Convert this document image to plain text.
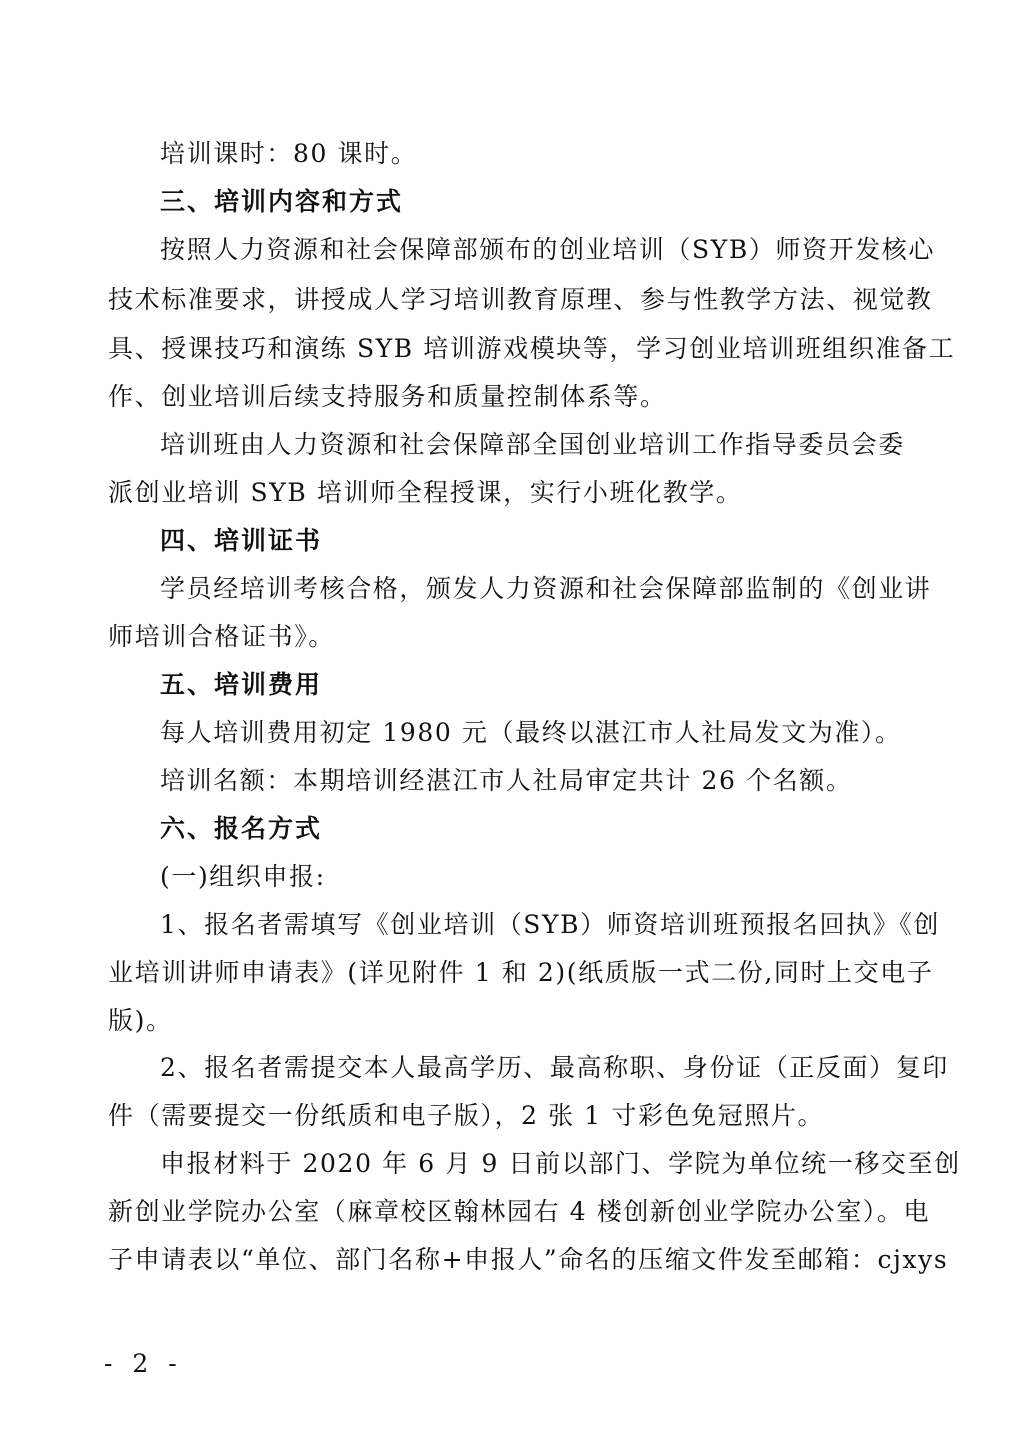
培训课时：80 课时。
三、培训内容和方式
按照人力资源和社会保障部颁布的创业培训（SYB）师资开发核心
技术标准要求，讲授成人学习培训教育原理、参与性教学方法、视觉教
具、授课技巧和演练 SYB 培训游戏模块等，学习创业培训班组织准备工
作、创业培训后续支持服务和质量控制体系等。
培训班由人力资源和社会保障部全国创业培训工作指导委员会委
派创业培训 SYB 培训师全程授课，实行小班化教学。
四、培训证书
学员经培训考核合格，颁发人力资源和社会保障部监制的《创业讲
师培训合格证书》。
五、培训费用
每人培训费用初定 1980 元（最终以湛江市人社局发文为准）。
培训名额：本期培训经湛江市人社局审定共计 26 个名额。
六、报名方式
(一)组织申报:
1、报名者需填写《创业培训（SYB）师资培训班预报名回执》《创
业培训讲师申请表》(详见附件 1 和 2)(纸质版一式二份,同时上交电子
版)。
2、报名者需提交本人最高学历、最高称职、身份证（正反面）复印
件（需要提交一份纸质和电子版），2 张 1 寸彩色免冠照片。
申报材料于 2020 年 6 月 9 日前以部门、学院为单位统一移交至创
新创业学院办公室（麻章校区翰林园右 4 楼创新创业学院办公室）。电
子申请表以“单位、部门名称+申报人”命名的压缩文件发至邮箱：cjxys
- 2 -
